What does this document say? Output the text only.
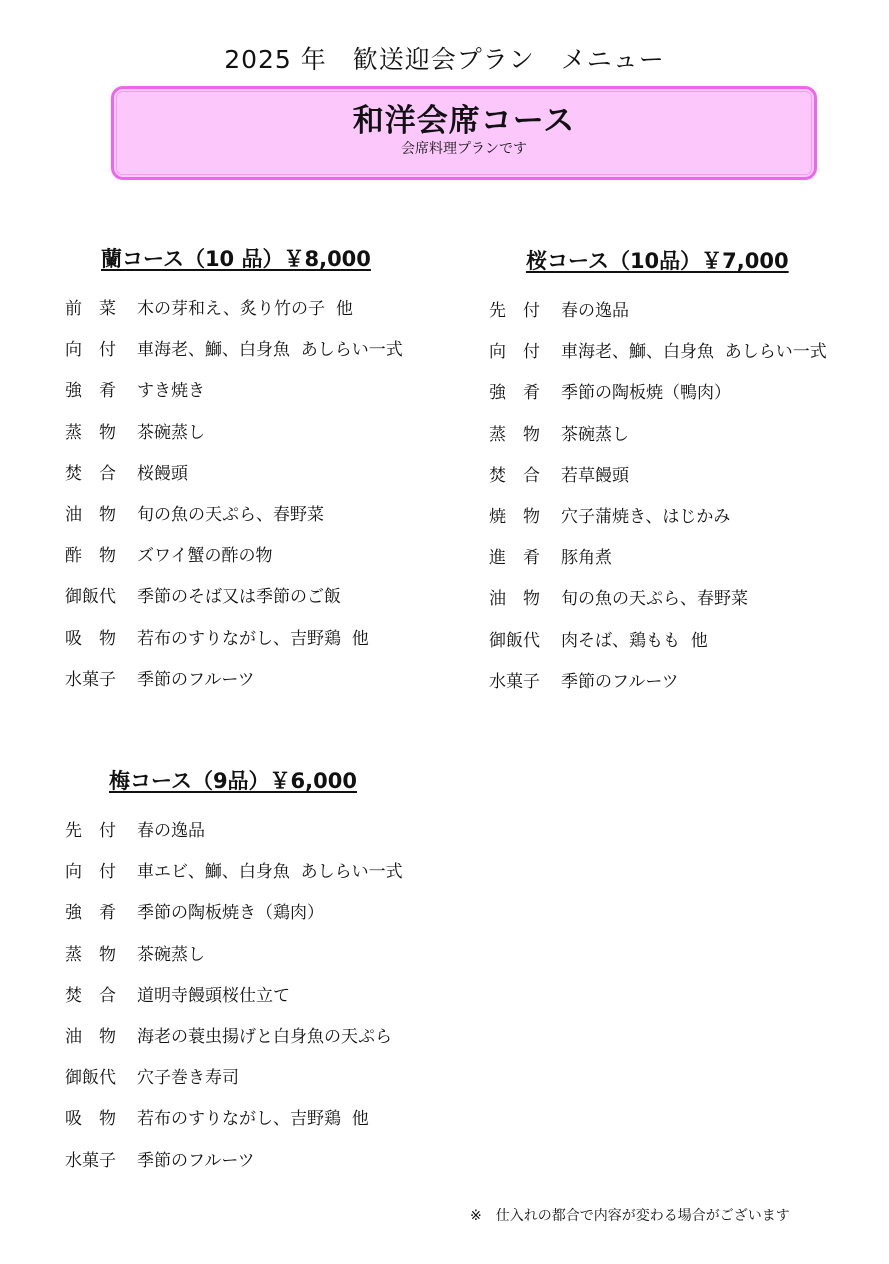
2025 年　歓送迎会プラン　メニュー
和洋会席コース
会席料理プランです
蘭コース（10 品）￥8,000
前　菜	木の芽和え、炙り竹の子  他
向　付	車海老、鰤、白身魚  あしらい一式
強　肴	すき焼き
蒸　物	茶碗蒸し
焚　合	桜饅頭
油　物	旬の魚の天ぷら、春野菜
酢　物	ズワイ蟹の酢の物
御飯代	季節のそば又は季節のご飯
吸　物	若布のすりながし、吉野鶏  他
水菓子	季節のフルーツ
桜コース（10品）￥7,000
先　付	春の逸品
向　付	車海老、鰤、白身魚  あしらい一式
強　肴	季節の陶板焼（鴨肉）
蒸　物	茶碗蒸し
焚　合	若草饅頭
焼　物	穴子蒲焼き、はじかみ
進　肴	豚角煮
油　物	旬の魚の天ぷら、春野菜
御飯代	肉そば、鶏もも  他
水菓子	季節のフルーツ
梅コース（9品）￥6,000
先　付	春の逸品
向　付	車エビ、鰤、白身魚  あしらい一式
強　肴	季節の陶板焼き（鶏肉）
蒸　物	茶碗蒸し
焚　合	道明寺饅頭桜仕立て
油　物	海老の蓑虫揚げと白身魚の天ぷら
御飯代	穴子巻き寿司
吸　物	若布のすりながし、吉野鶏  他
水菓子	季節のフルーツ
※　仕入れの都合で内容が変わる場合がございます
